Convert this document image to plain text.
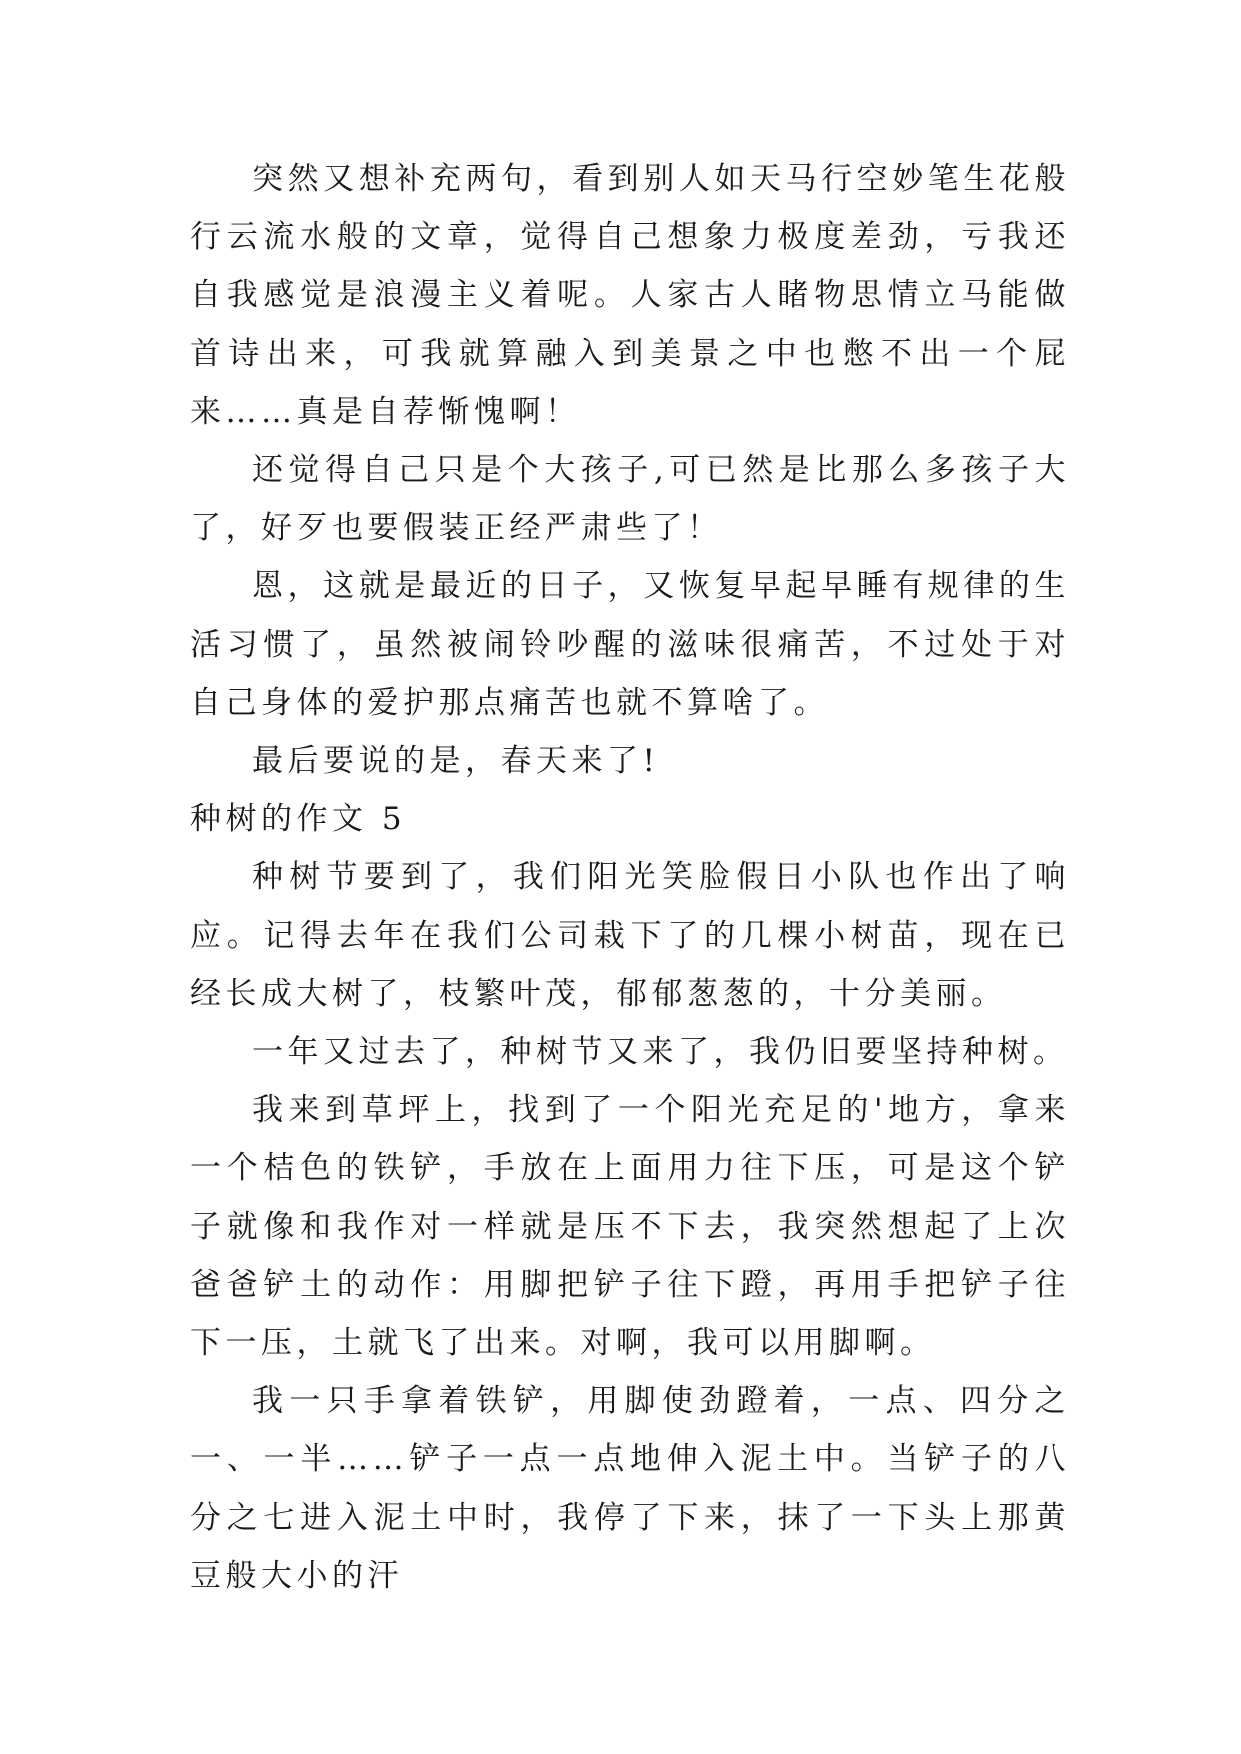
突然又想补充两句，看到别人如天马行空妙笔生花般行云流水般的文章，觉得自己想象力极度差劲，亏我还自我感觉是浪漫主义着呢。人家古人睹物思情立马能做首诗出来，可我就算融入到美景之中也憋不出一个屁来……真是自荐惭愧啊！

还觉得自己只是个大孩子,可已然是比那么多孩子大了，好歹也要假装正经严肃些了！

恩，这就是最近的日子，又恢复早起早睡有规律的生活习惯了，虽然被闹铃吵醒的滋味很痛苦，不过处于对自己身体的爱护那点痛苦也就不算啥了。

最后要说的是，春天来了!

种树的作文 5

种树节要到了，我们阳光笑脸假日小队也作出了响应。记得去年在我们公司栽下了的几棵小树苗，现在已经长成大树了，枝繁叶茂，郁郁葱葱的，十分美丽。

一年又过去了，种树节又来了，我仍旧要坚持种树。

我来到草坪上，找到了一个阳光充足的'地方，拿来一个桔色的铁铲，手放在上面用力往下压，可是这个铲子就像和我作对一样就是压不下去，我突然想起了上次爸爸铲土的动作：用脚把铲子往下蹬，再用手把铲子往下一压，土就飞了出来。对啊，我可以用脚啊。

我一只手拿着铁铲，用脚使劲蹬着，一点、四分之一、一半……铲子一点一点地伸入泥土中。当铲子的八分之七进入泥土中时，我停了下来，抹了一下头上那黄豆般大小的汗
